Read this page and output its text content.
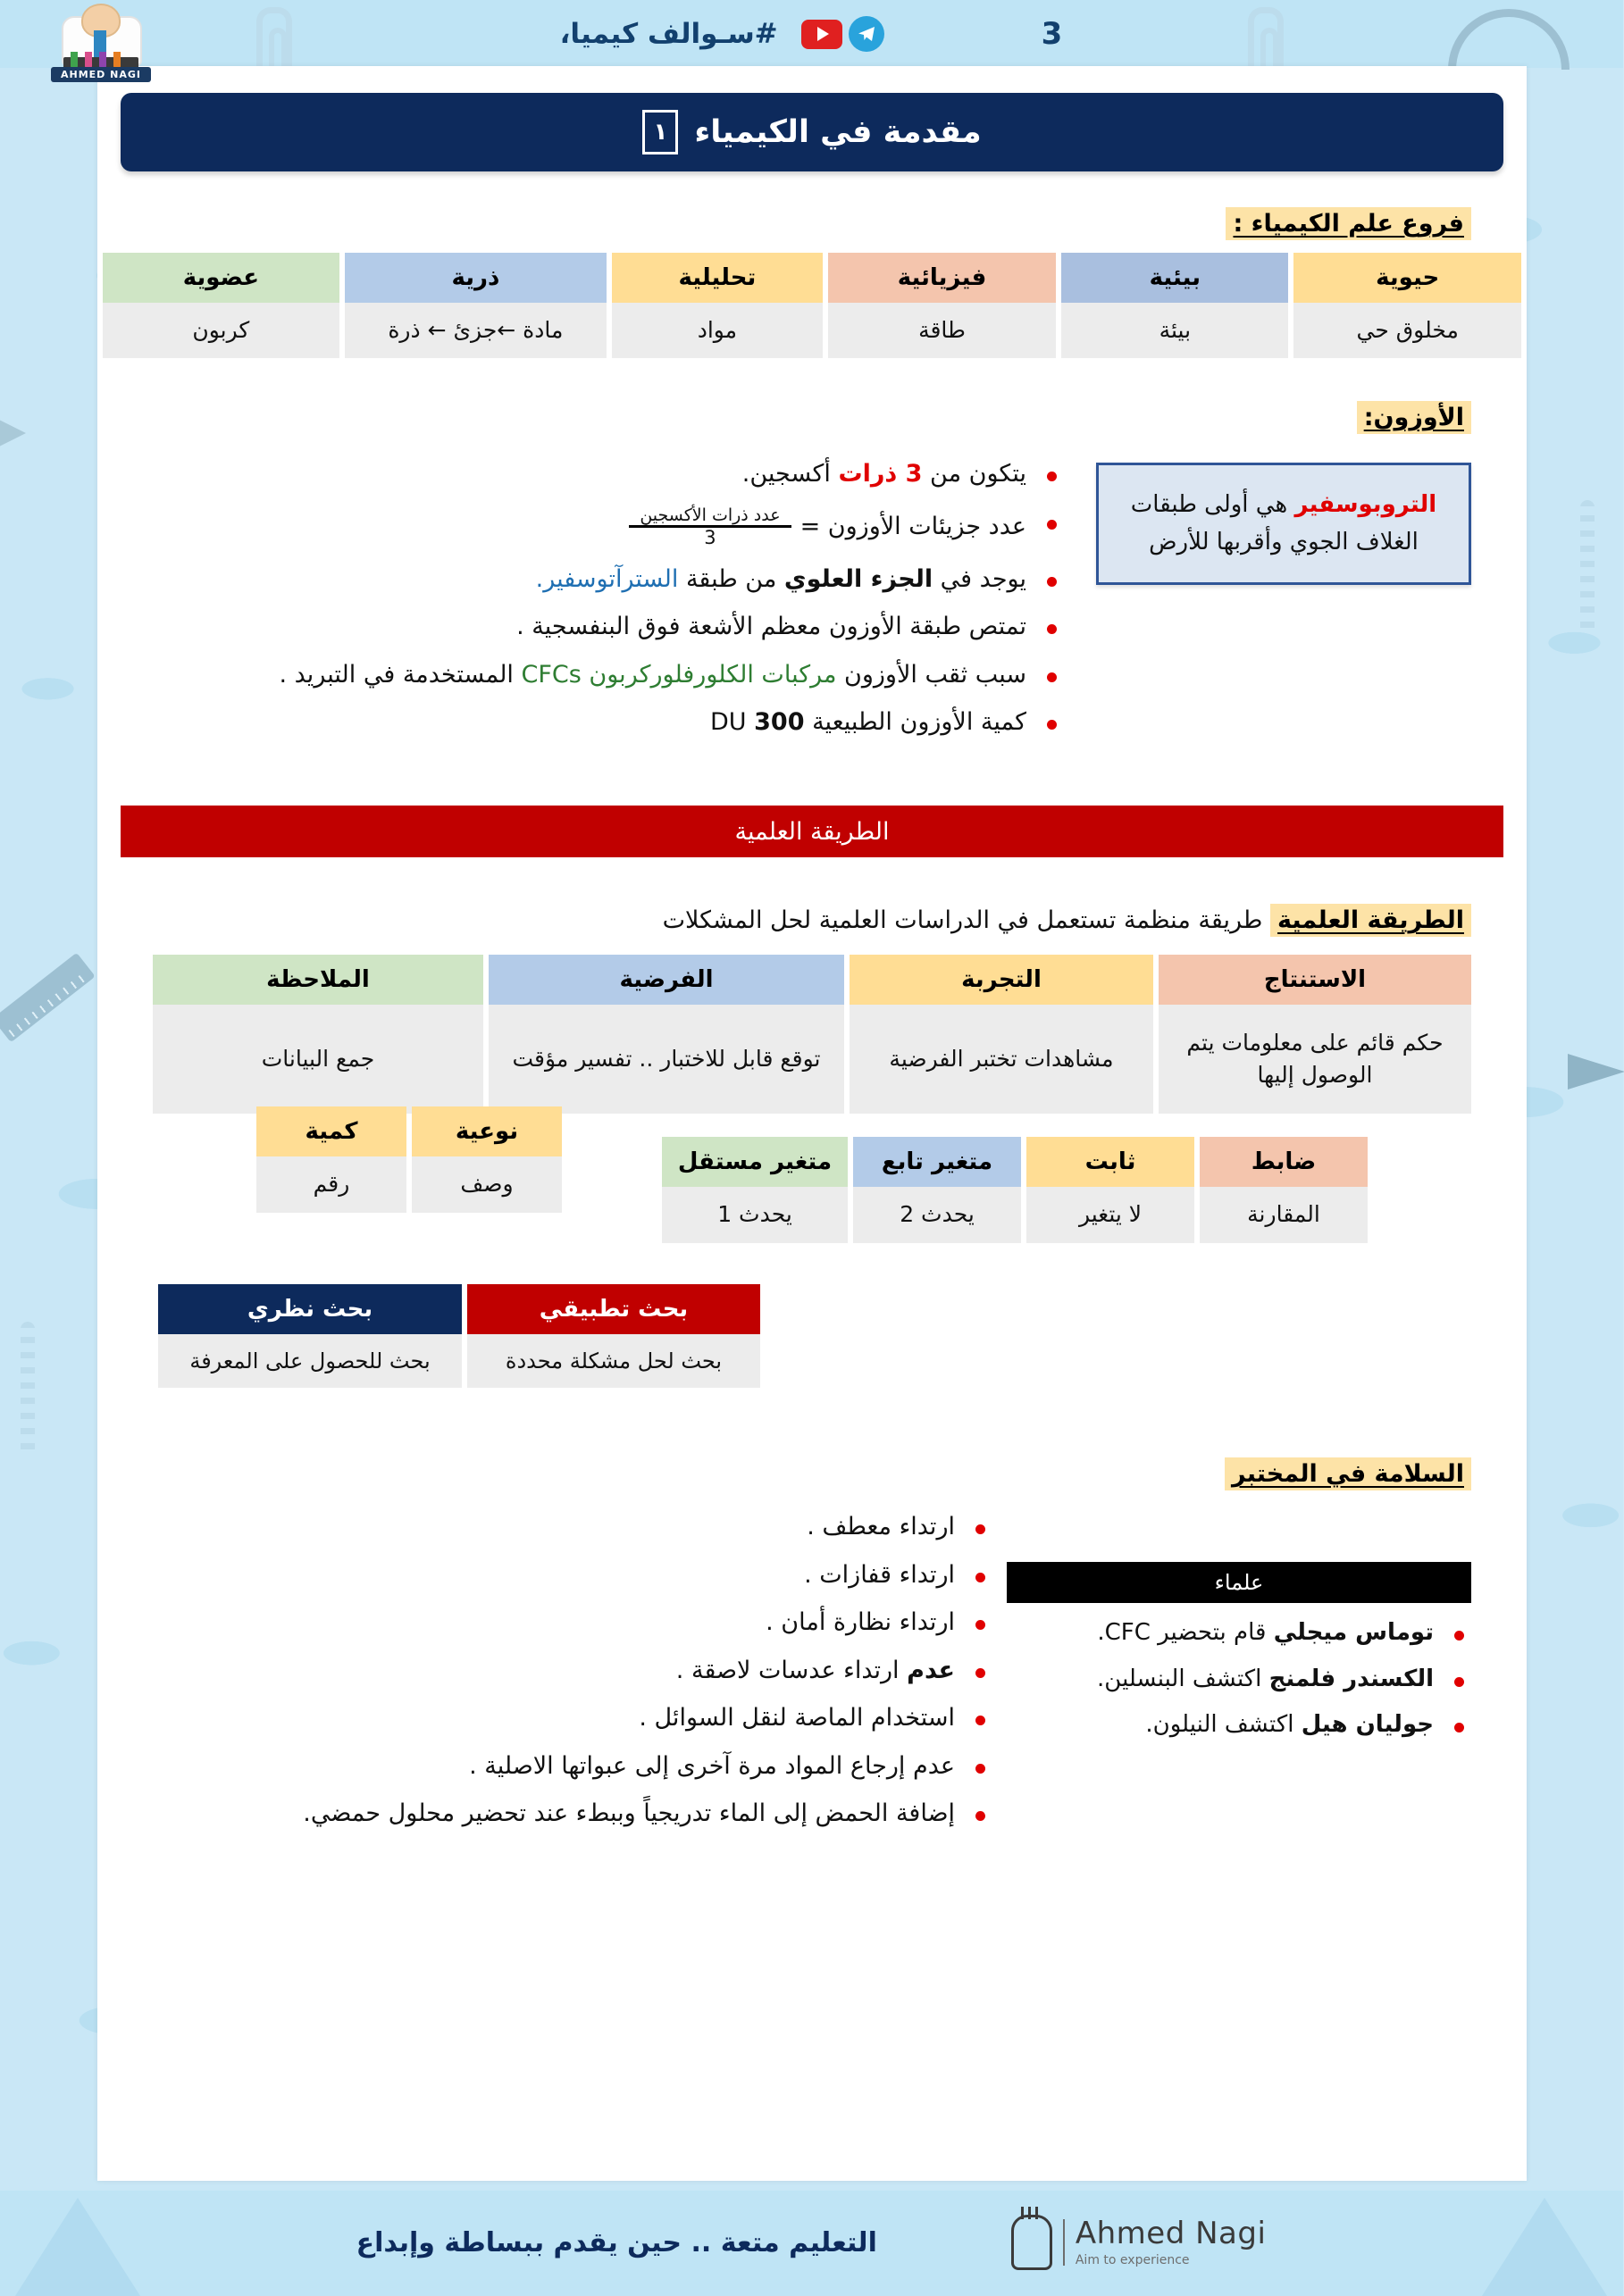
AHMED NAGI
3
#سـوالف كيميا،
مقدمة في الكيمياء
١
فروع علم الكيمياء :
حيوية	بيئية	فيزيائية	تحليلية	ذرية	عضوية
مخلوق حي	بيئة	طاقة	مواد	مادة ←جزئ ← ذرة	كربون
الأوزون:
التروبوسفير هي أولى طبقات الغلاف الجوي وأقربها للأرض
يتكون من 3 ذرات أكسجين.
عدد جزيئات الأوزون =
عدد ذرات الأكسجين
3
يوجد في الجزء العلوي من طبقة السترآتوسفير.
تمتص طبقة الأوزون معظم الأشعة فوق البنفسجية .
سبب ثقب الأوزون مركبات الكلورفلوركربون CFCs المستخدمة في التبريد .
كمية الأوزون الطبيعية 300 DU
الطريقة العلمية
الطريقة العلمية طريقة منظمة تستعمل في الدراسات العلمية لحل المشكلات
الاستنتاج	التجربة	الفرضية	الملاحظة
حكم قائم على معلومات يتم الوصول إليها	مشاهدات تختبر الفرضية	توقع قابل للاختبار .. تفسير مؤقت	جمع البيانات
ضابط	ثابت	متغير تابع	متغير مستقل
المقارنة	لا يتغير	يحدث 2	يحدث 1
نوعية	كمية
وصف	رقم
بحث تطبيقي	بحث نظري
بحث لحل مشكلة محددة	بحث للحصول على المعرفة
السلامة في المختبر
علماء
توماس ميجلي قام بتحضير CFC.
الكسندر فلمنج اكتشف البنسلين.
جوليان هيل اكتشف النيلون.
ارتداء معطف .
ارتداء قفازات .
ارتداء نظارة أمان .
عدم ارتداء عدسات لاصقة .
استخدام الماصة لنقل السوائل .
عدم إرجاع المواد مرة آخرى إلى عبواتها الاصلية .
إضافة الحمض إلى الماء تدريجياً وببطء عند تحضير محلول حمضي.
Ahmed Nagi
Aim to experience
التعليم متعة .. حين يقدم ببساطة وإبداع
